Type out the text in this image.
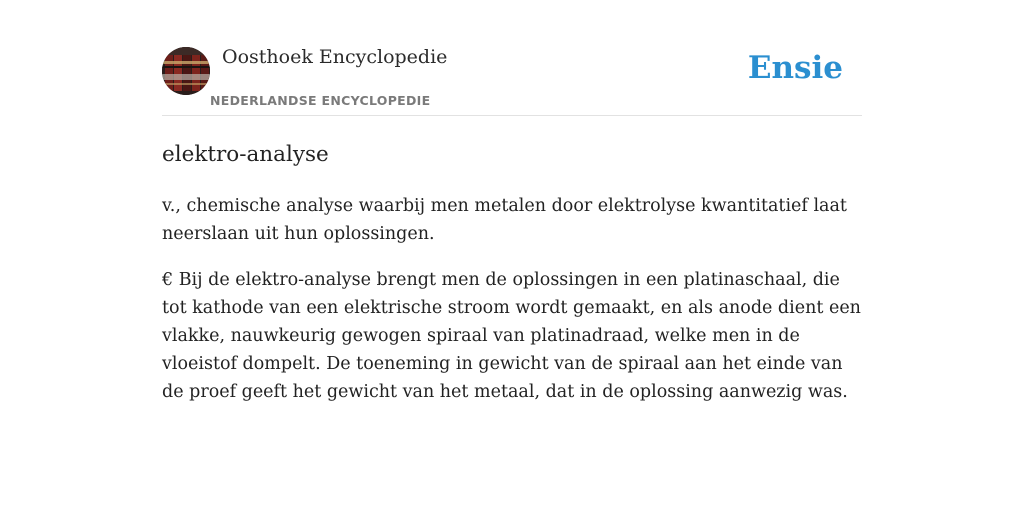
Oosthoek Encyclopedie
NEDERLANDSE ENCYCLOPEDIE
Ensie
elektro-analyse

v., chemische analyse waarbij men metalen door elektrolyse kwantitatief laat neerslaan uit hun oplossingen.

€ Bij de elektro-analyse brengt men de oplossingen in een platinaschaal, die tot kathode van een elektrische stroom wordt gemaakt, en als anode dient een vlakke, nauwkeurig gewogen spiraal van platinadraad, welke men in de vloeistof dompelt. De toeneming in gewicht van de spiraal aan het einde van de proef geeft het gewicht van het metaal, dat in de oplossing aanwezig was.
